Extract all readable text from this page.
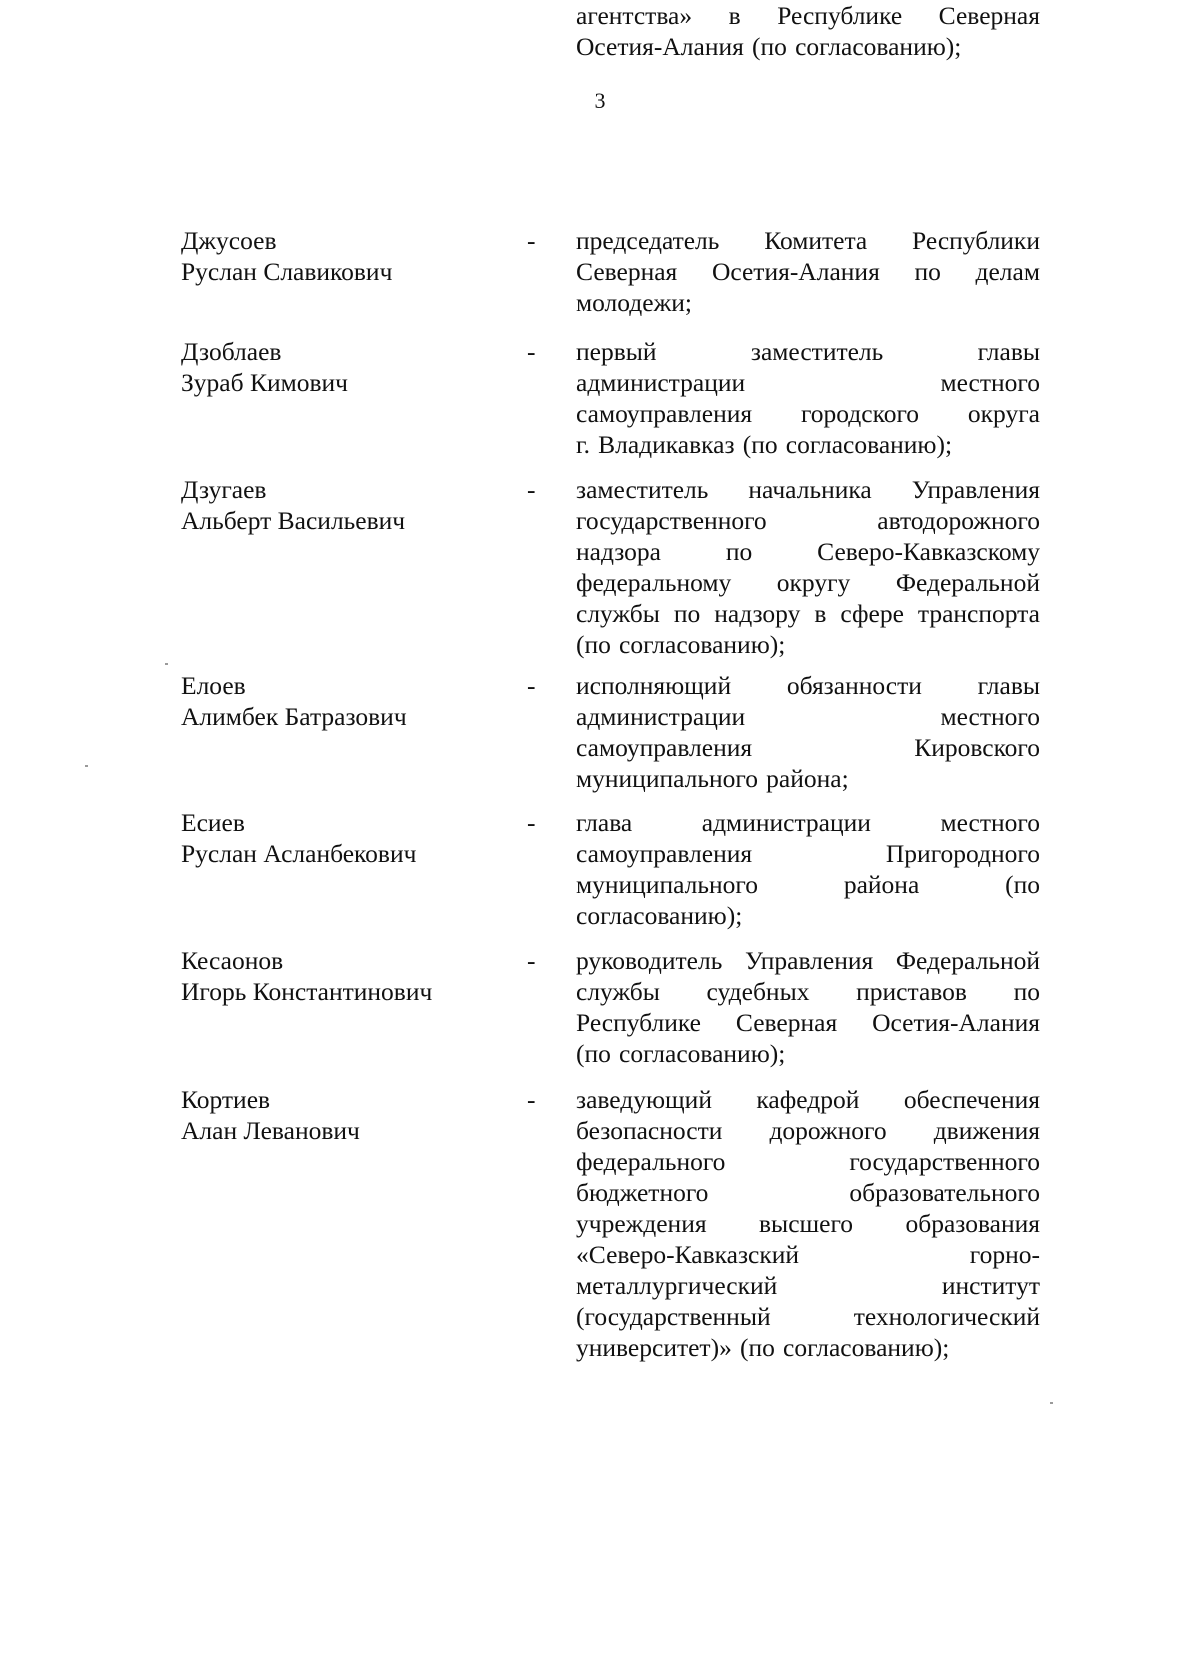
3
агентства» в Республике Северная
Осетия-Алания (по согласованию);
Джусоев
Руслан Славикович
- председатель Комитета Республики
Северная Осетия-Алания по делам
молодежи;
Дзоблаев
Зураб Кимович
- первый	заместитель	главы
администрации	местного
самоуправления городского округа
г. Владикавказ (по согласованию);
Дзугаев
Альберт Васильевич
- заместитель начальника Управления
государственного	автодорожного
надзора	по	Северо-Кавказскому
федеральному округу Федеральной
службы по надзору в сфере транспорта
(по согласованию);
Елоев
Алимбек Батразович
- исполняющий обязанности главы
администрации	местного
самоуправления	Кировского
муниципального района;
Есиев
Руслан Асланбекович
- глава	администрации	местного
самоуправления	Пригородного
муниципального	района	(по
согласованию);
Кесаонов
Игорь Константинович
- руководитель Управления Федеральной
службы судебных приставов по
Республике Северная Осетия-Алания
(по согласованию);
Кортиев
Алан Леванович
- заведующий кафедрой обеспечения
безопасности дорожного движения
федерального	государственного
бюджетного	образовательного
учреждения высшего образования
«Северо-Кавказский	горно-
металлургический	институт
(государственный	технологический
университет)» (по согласованию);
